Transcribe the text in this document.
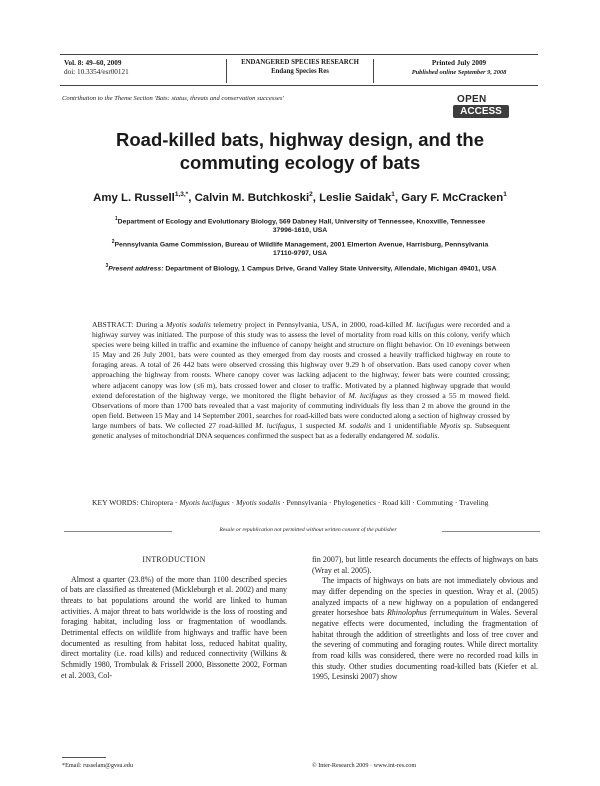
Vol. 8: 49–60, 2009
doi: 10.3354/esr00121
ENDANGERED SPECIES RESEARCH
Endang Species Res
Printed July 2009
Published online September 9, 2008
Contribution to the Theme Section 'Bats: status, threats and conservation successes'	OPEN
ACCESS
Road-killed bats, highway design, and the
commuting ecology of bats
Amy L. Russell$^{1,3,*}$, Calvin M. Butchkoski$^2$, Leslie Saidak$^1$, Gary F. McCracken$^1$
$^1$Department of Ecology and Evolutionary Biology, 569 Dabney Hall, University of Tennessee, Knoxville, Tennessee 37996-1610, USA
$^2$Pennsylvania Game Commission, Bureau of Wildlife Management, 2001 Elmerton Avenue, Harrisburg, Pennsylvania 17110-9797, USA
$^3$Present address: Department of Biology, 1 Campus Drive, Grand Valley State University, Allendale, Michigan 49401, USA
ABSTRACT: During a Myotis sodalis telemetry project in Pennsylvania, USA, in 2000, road-killed M. lucifugus were recorded and a highway survey was initiated. The purpose of this study was to assess the level of mortality from road kills on this colony, verify which species were being killed in traffic and examine the influence of canopy height and structure on flight behavior. On 10 evenings between 15 May and 26 July 2001, bats were counted as they emerged from day roosts and crossed a heavily trafficked highway en route to foraging areas. A total of 26 442 bats were observed crossing this highway over 9.29 h of observation. Bats used canopy cover when approaching the highway from roosts. Where canopy cover was lacking adjacent to the highway, fewer bats were counted crossing; where adjacent canopy was low (≤6 m), bats crossed lower and closer to traffic. Motivated by a planned highway upgrade that would extend deforestation of the highway verge, we monitored the flight behavior of M. lucifugus as they crossed a 55 m mowed field. Observations of more than 1700 bats revealed that a vast majority of commuting individuals fly less than 2 m above the ground in the open field. Between 15 May and 14 September 2001, searches for road-killed bats were conducted along a section of highway crossed by large numbers of bats. We collected 27 road-killed M. lucifugus, 1 suspected M. sodalis and 1 unidentifiable Myotis sp. Subsequent genetic analyses of mitochondrial DNA sequences confirmed the suspect bat as a federally endangered M. sodalis.
KEY WORDS: Chiroptera · Myotis lucifugus · Myotis sodalis · Pennsylvania · Phylogenetics · Road kill · Commuting · Traveling
Resale or republication not permitted without written consent of the publisher
INTRODUCTION

Almost a quarter (23.8%) of the more than 1100 described species of bats are classified as threatened (Mickleburgh et al. 2002) and many threats to bat populations around the world are linked to human activities. A major threat to bats worldwide is the loss of roosting and foraging habitat, including loss or fragmentation of woodlands. Detrimental effects on wildlife from highways and traffic have been documented as resulting from habitat loss, reduced habitat quality, direct mortality (i.e. road kills) and reduced connectivity (Wilkins & Schmidly 1980, Trombulak & Frissell 2000, Bissonette 2002, Forman et al. 2003, Col-

fin 2007), but little research documents the effects of highways on bats (Wray et al. 2005).

The impacts of highways on bats are not immediately obvious and may differ depending on the species in question. Wray et al. (2005) analyzed impacts of a new highway on a population of endangered greater horseshoe bats Rhinolophus ferrumequinum in Wales. Several negative effects were documented, including the fragmentation of habitat through the addition of streetlights and loss of tree cover and the severing of commuting and foraging routes. While direct mortality from road kills was considered, there were no recorded road kills in this study. Other studies documenting road-killed bats (Kiefer et al. 1995, Lesinski 2007) show

*Email: russelam@gvsu.edu	© Inter-Research 2009 · www.int-res.com
